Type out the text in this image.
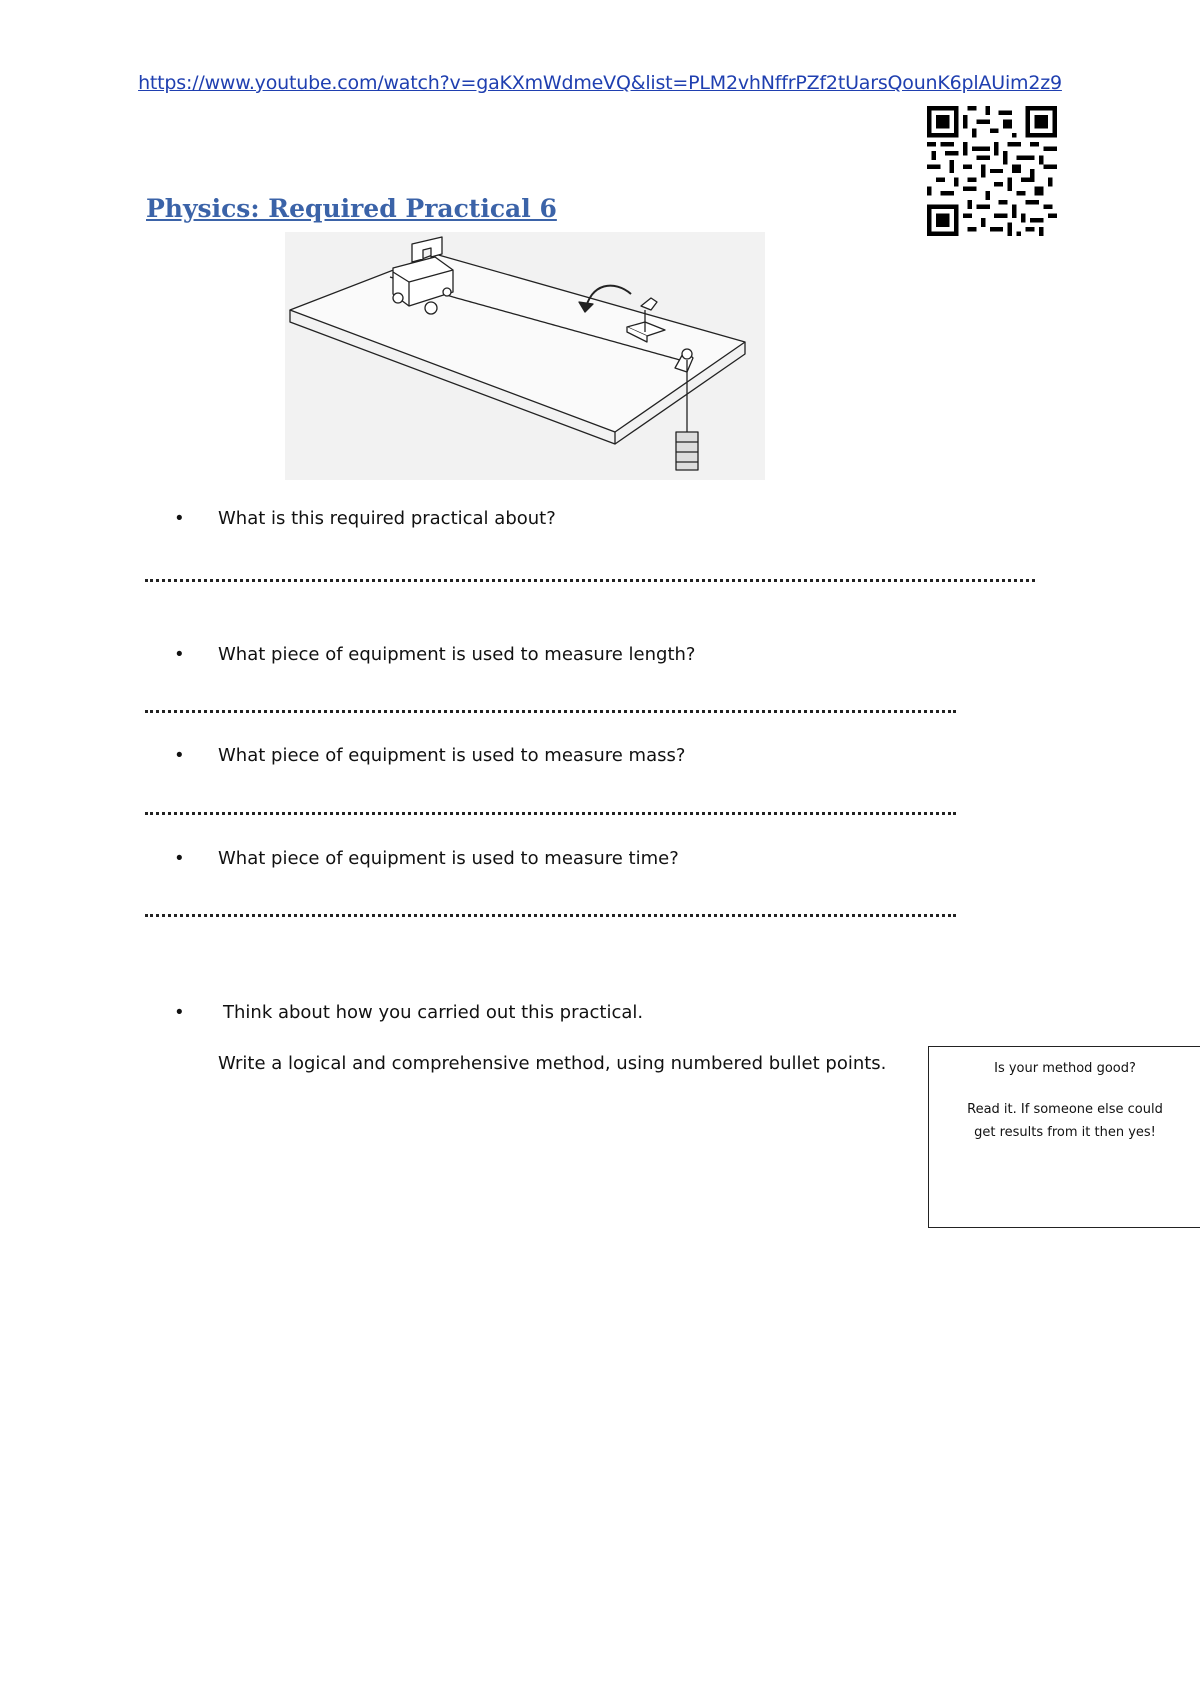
https://www.youtube.com/watch?v=gaKXmWdmeVQ&list=PLM2vhNffrPZf2tUarsQounK6plAUim2z9
Physics: Required Practical 6
• What is this required practical about?
• What piece of equipment is used to measure length?
• What piece of equipment is used to measure mass?
• What piece of equipment is used to measure time?
• Think about how you carried out this practical.
Write a logical and comprehensive method, using numbered bullet points.	Is your method good?
Read it. If someone else could get results from it then yes!
